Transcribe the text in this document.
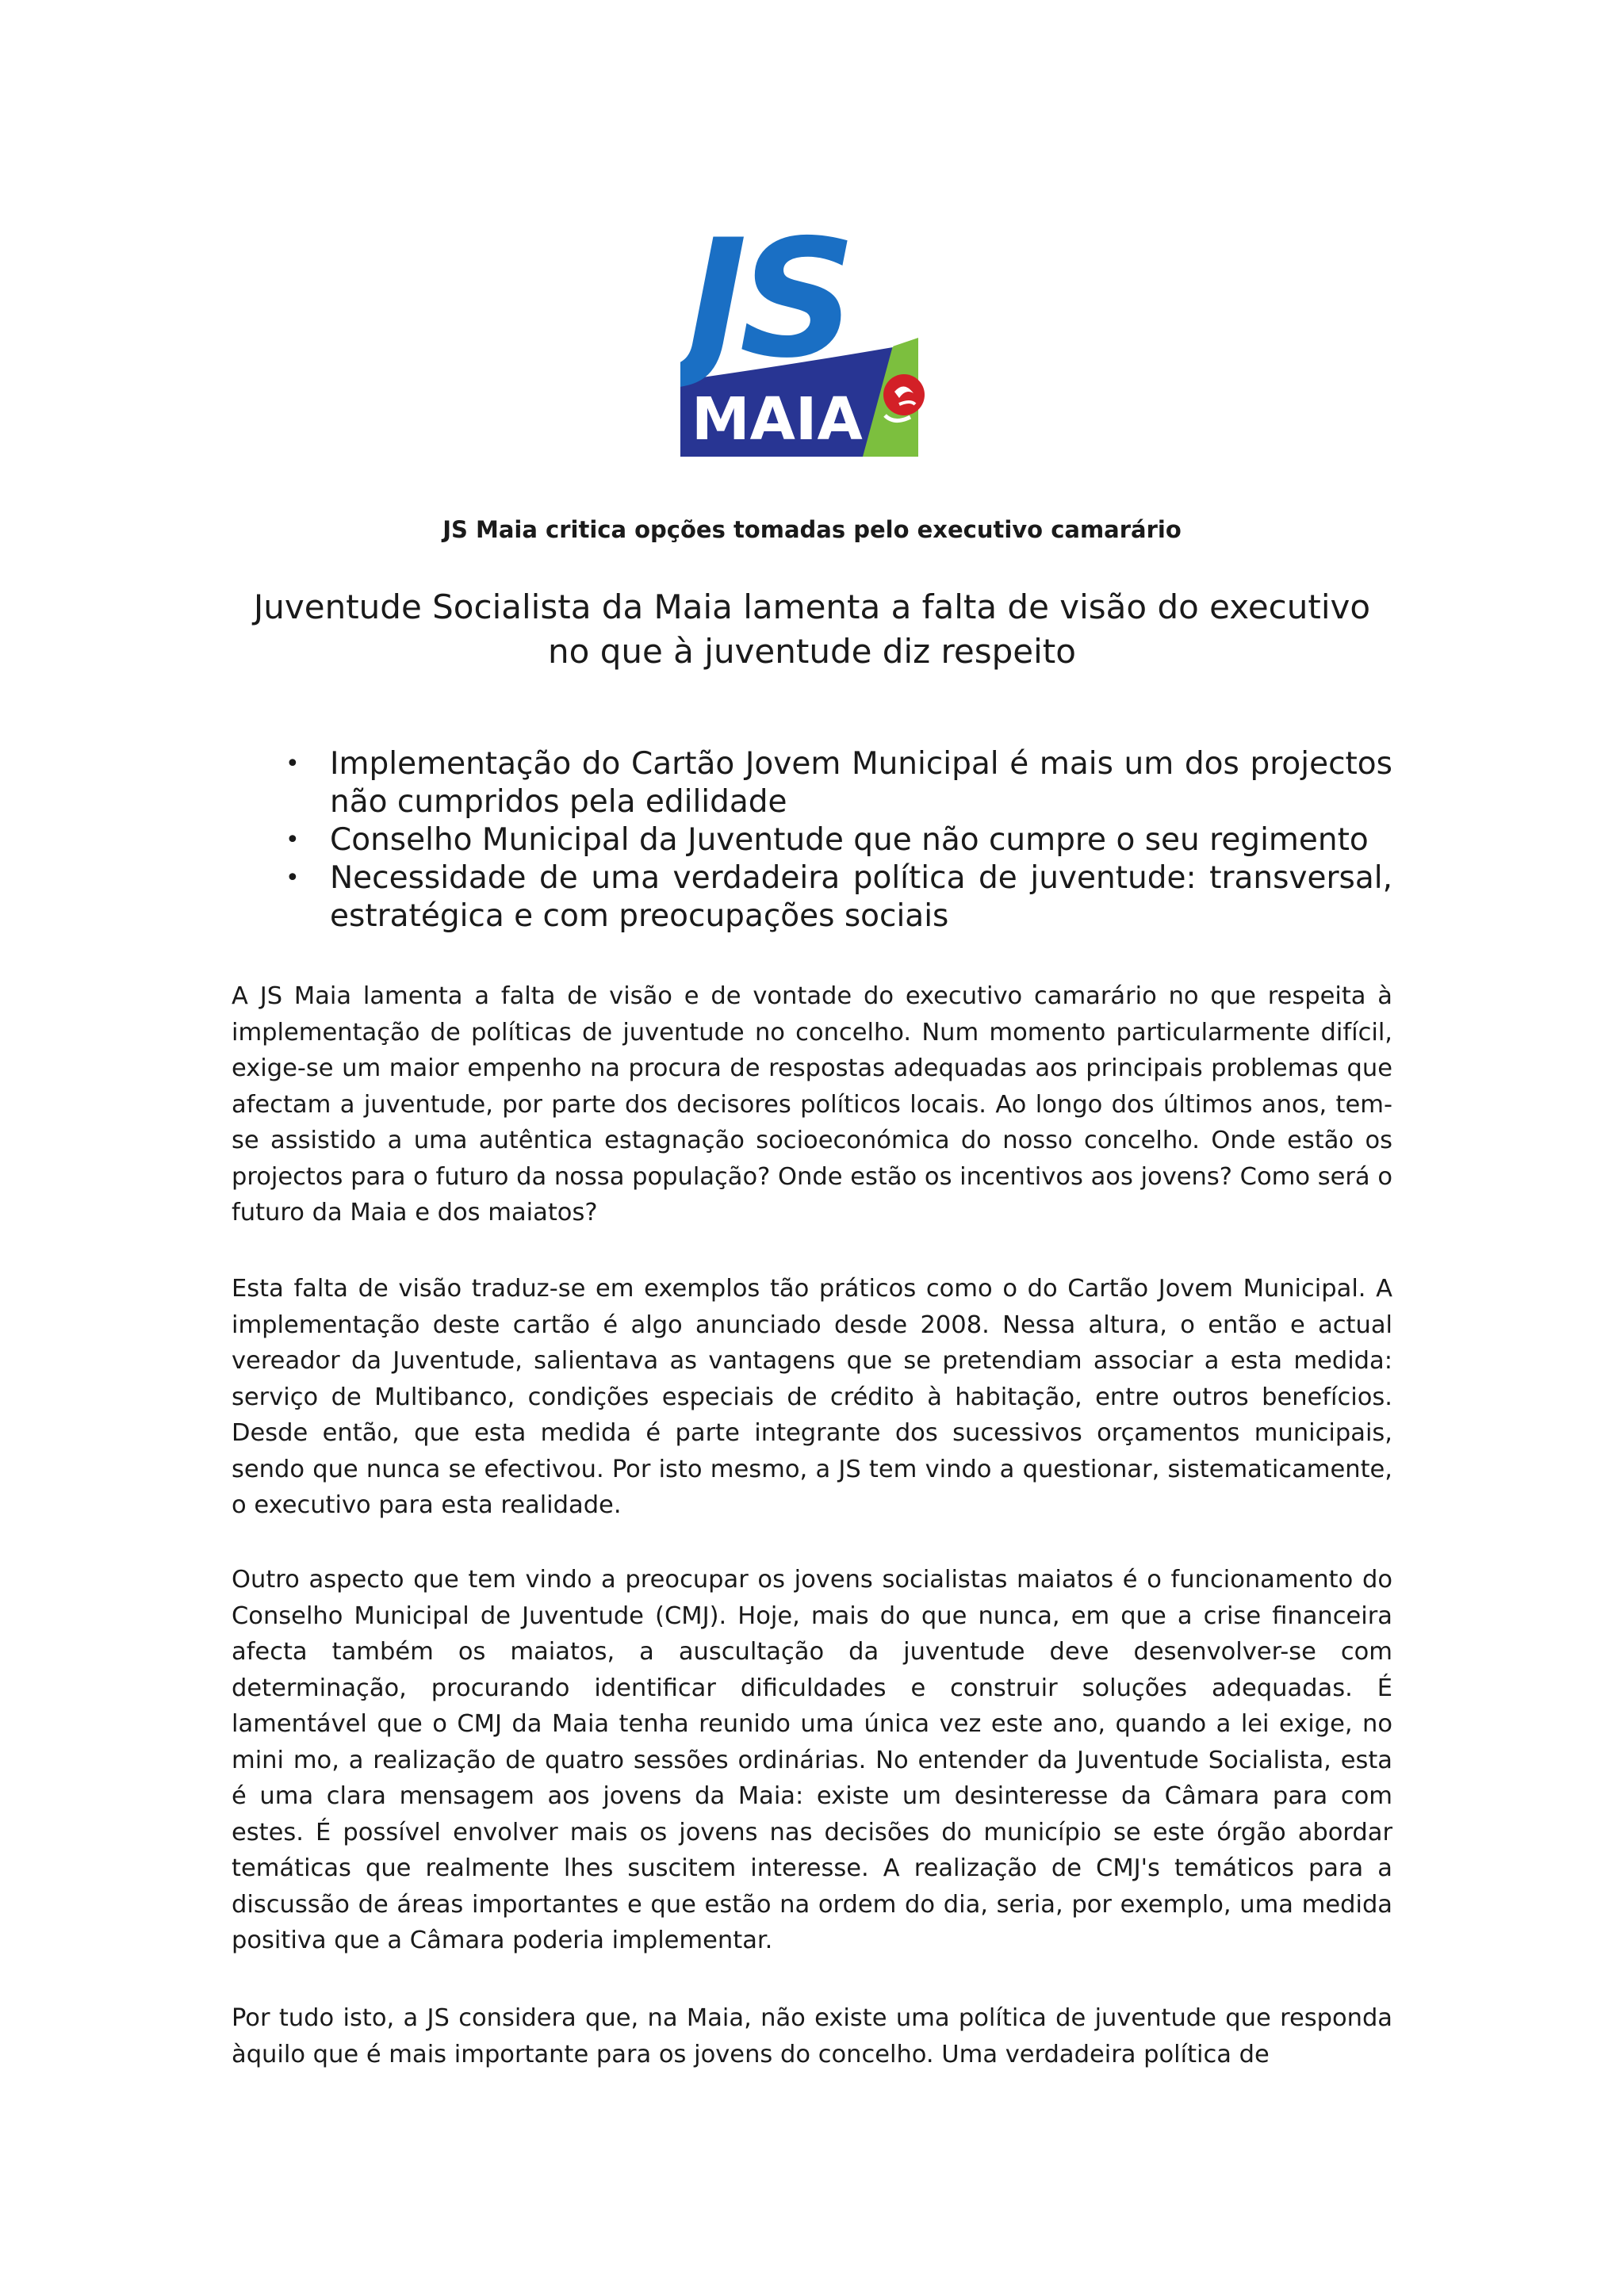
JS
MAIA
JS Maia critica opções tomadas pelo executivo camarário
Juventude Socialista da Maia lamenta a falta de visão do executivo no que à juventude diz respeito
• Implementação do Cartão Jovem Municipal é mais um dos projectos não cumpridos pela edilidade
• Conselho Municipal da Juventude que não cumpre o seu regimento
• Necessidade de uma verdadeira política de juventude: transversal, estratégica e com preocupações sociais

A JS Maia lamenta a falta de visão e de vontade do executivo camarário no que respeita à implementação de políticas de juventude no concelho. Num momento particularmente difícil, exige-se um maior empenho na procura de respostas adequadas aos principais problemas que afectam a juventude, por parte dos decisores políticos locais. Ao longo dos últimos anos, tem-se assistido a uma autêntica estagnação socioeconómica do nosso concelho. Onde estão os projectos para o futuro da nossa população? Onde estão os incentivos aos jovens? Como será o futuro da Maia e dos maiatos?

Esta falta de visão traduz-se em exemplos tão práticos como o do Cartão Jovem Municipal. A implementação deste cartão é algo anunciado desde 2008. Nessa altura, o então e actual vereador da Juventude, salientava as vantagens que se pretendiam associar a esta medida: serviço de Multibanco, condições especiais de crédito à habitação, entre outros benefícios. Desde então, que esta medida é parte integrante dos sucessivos orçamentos municipais, sendo que nunca se efectivou. Por isto mesmo, a JS tem vindo a questionar, sistematicamente, o executivo para esta realidade.

Outro aspecto que tem vindo a preocupar os jovens socialistas maiatos é o funcionamento do Conselho Municipal de Juventude (CMJ). Hoje, mais do que nunca, em que a crise financeira afecta também os maiatos, a auscultação da juventude deve desenvolver-se com determinação, procurando identificar dificuldades e construir soluções adequadas. É lamentável que o CMJ da Maia tenha reunido uma única vez este ano, quando a lei exige, no mini mo, a realização de quatro sessões ordinárias. No entender da Juventude Socialista, esta é uma clara mensagem aos jovens da Maia: existe um desinteresse da Câmara para com estes. É possível envolver mais os jovens nas decisões do município se este órgão abordar temáticas que realmente lhes suscitem interesse. A realização de CMJ's temáticos para a discussão de áreas importantes e que estão na ordem do dia, seria, por exemplo, uma medida positiva que a Câmara poderia implementar.

Por tudo isto, a JS considera que, na Maia, não existe uma política de juventude que responda àquilo que é mais importante para os jovens do concelho. Uma verdadeira política de
